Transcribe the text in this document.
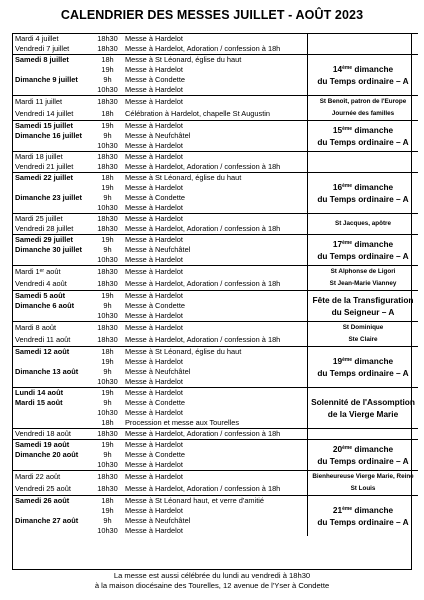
CALENDRIER DES MESSES JUILLET - AOÛT 2023
Mardi 4 juillet	18h30	Messe à Hardelot	
Vendredi 7 juillet	18h30	Messe à Hardelot, Adoration / confession à 18h	
Samedi 8 juillet	18h	Messe à St Léonard, église du haut	14ème dimanche
du Temps ordinaire – A

	19h	Messe à Hardelot	
Dimanche 9 juillet	9h	Messe à Condette	
	10h30	Messe à Hardelot	
Mardi 11 juillet	18h30	Messe à Hardelot	St Benoît, patron de l'Europe
Journée des familles

Vendredi 14 juillet	18h	Célébration à Hardelot, chapelle St Augustin	
Samedi 15 juillet	19h	Messe à Hardelot	15ème dimanche
du Temps ordinaire – A

Dimanche 16 juillet	9h	Messe à Neufchâtel	
	10h30	Messe à Hardelot	
Mardi 18 juillet	18h30	Messe à Hardelot	
Vendredi 21 juillet	18h30	Messe à Hardelot, Adoration / confession à 18h	
Samedi 22 juillet	18h	Messe à St Léonard, église du haut	16ème dimanche
du Temps ordinaire – A

	19h	Messe à Hardelot	
Dimanche 23 juillet	9h	Messe à Condette	
	10h30	Messe à Hardelot	
Mardi 25 juillet	18h30	Messe à Hardelot	St Jacques, apôtre

Vendredi 28 juillet	18h30	Messe à Hardelot, Adoration / confession à 18h	
Samedi 29 juillet	19h	Messe à Hardelot	17ème dimanche
du Temps ordinaire – A

Dimanche 30 juillet	9h	Messe à Neufchâtel	
	10h30	Messe à Hardelot	
Mardi 1er août	18h30	Messe à Hardelot	St Alphonse de Ligori
St Jean-Marie Vianney

Vendredi 4 août	18h30	Messe à Hardelot, Adoration / confession à 18h	
Samedi 5 août	19h	Messe à Hardelot	Fête de la Transfiguration
du Seigneur – A

Dimanche 6 août	9h	Messe à Condette	
	10h30	Messe à Hardelot	
Mardi 8 août	18h30	Messe à Hardelot	St Dominique
Ste Claire

Vendredi 11 août	18h30	Messe à Hardelot, Adoration / confession à 18h	
Samedi 12 août	18h	Messe à St Léonard, église du haut	19ème dimanche
du Temps ordinaire – A

	19h	Messe à Hardelot	
Dimanche 13 août	9h	Messe à Neufchâtel	
	10h30	Messe à Hardelot	
Lundi 14 août	19h	Messe à Hardelot	Solennité de l'Assomption
de la Vierge Marie

Mardi 15 août	9h	Messe à Condette	
	10h30	Messe à Hardelot	
	18h	Procession et messe aux Tourelles	
Vendredi 18 août	18h30	Messe à Hardelot, Adoration / confession à 18h	
Samedi 19 août	19h	Messe à Hardelot	20ème dimanche
du Temps ordinaire – A

Dimanche 20 août	9h	Messe à Condette	
	10h30	Messe à Hardelot	
Mardi 22 août	18h30	Messe à Hardelot	Bienheureuse Vierge Marie, Reine
St Louis

Vendredi 25 août	18h30	Messe à Hardelot, Adoration / confession à 18h	
Samedi 26 août	18h	Messe à St Léonard haut, et verre d'amitié	21ème dimanche
du Temps ordinaire – A

	19h	Messe à Hardelot	
Dimanche 27 août	9h	Messe à Neufchâtel	
	10h30	Messe à Hardelot	
La messe est aussi célébrée du lundi au vendredi à 18h30
à la maison diocésaine des Tourelles, 12 avenue de l'Yser à Condette
